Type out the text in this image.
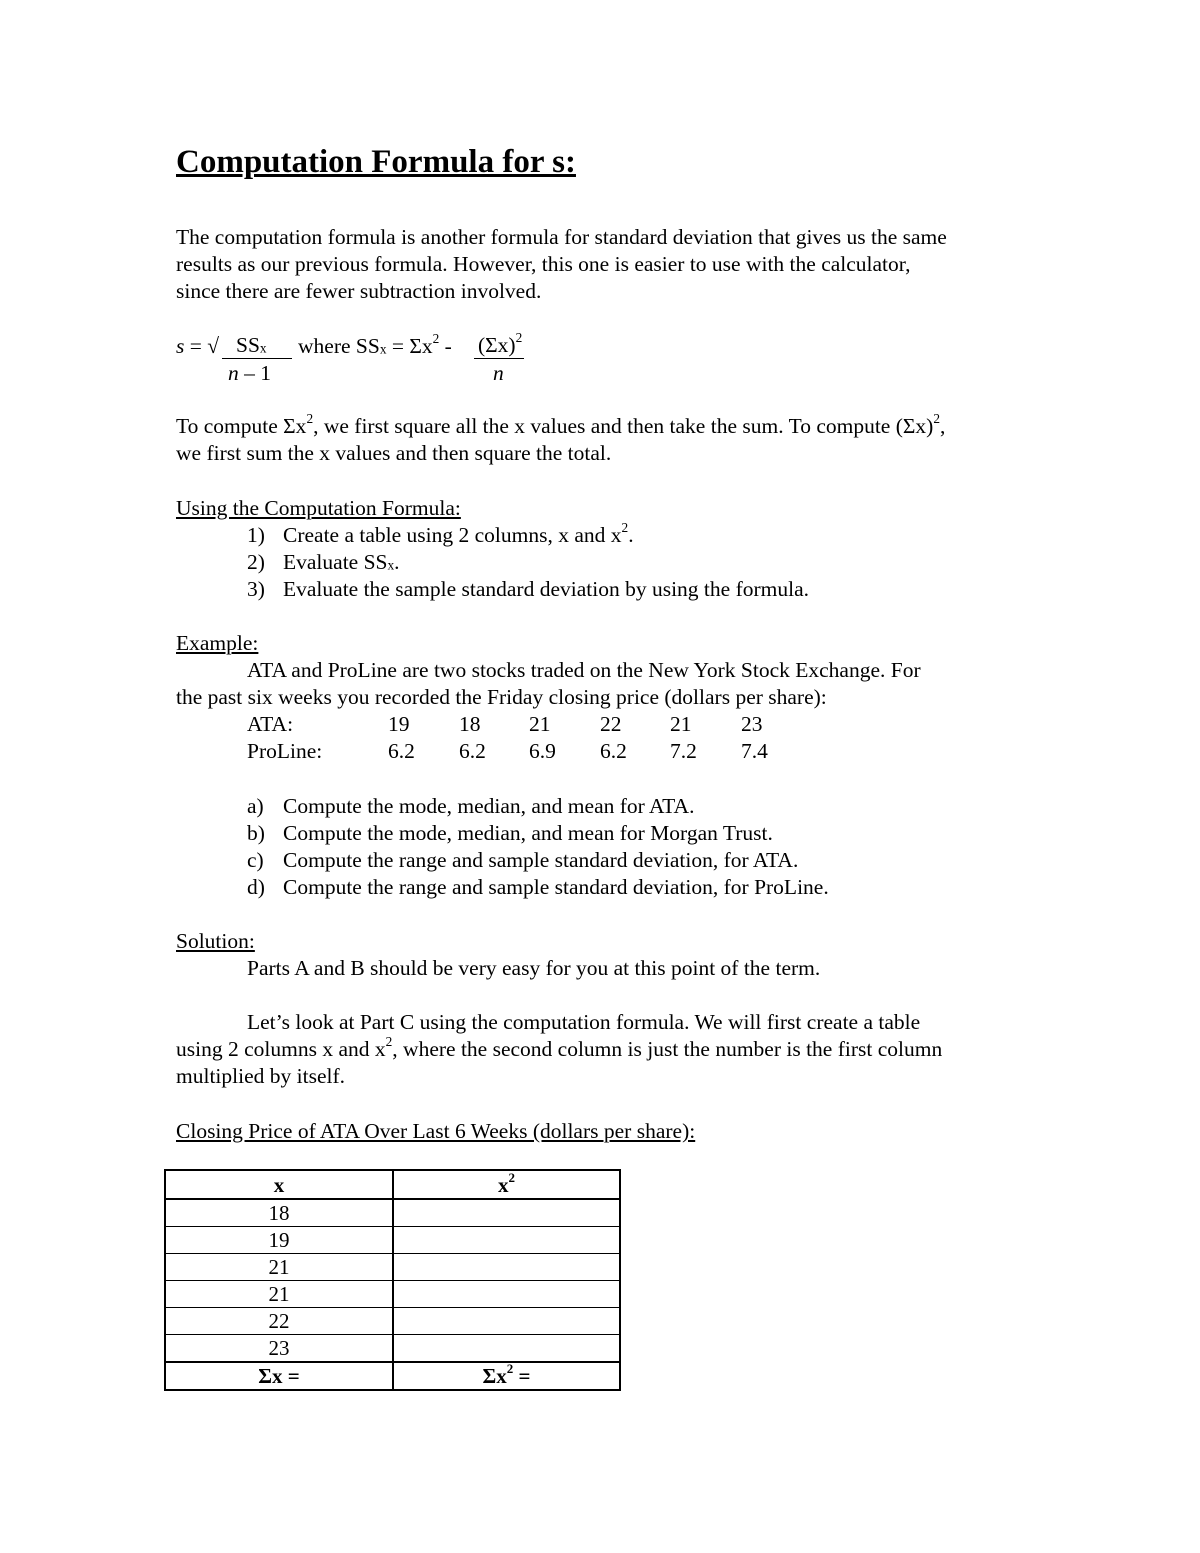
Computation Formula for s:
The computation formula is another formula for standard deviation that gives us the same
results as our previous formula. However, this one is easier to use with the calculator,
since there are fewer subtraction involved.
s = √ $SS_x$	where $SS_x = \Sigma x^2 - (\Sigma x)^2$
n – 1	n
To compute $\Sigma x^2$, we first square all the x values and then take the sum. To compute $(\Sigma x)^2$,
we first sum the x values and then square the total.
Using the Computation Formula:
1) Create a table using 2 columns, x and $x^2$.
2) Evaluate $SS_x$.
3) Evaluate the sample standard deviation by using the formula.
Example:
ATA and ProLine are two stocks traded on the New York Stock Exchange. For
the past six weeks you recorded the Friday closing price (dollars per share):
ATA:	19 18 21 22 21 23
ProLine:	6.2 6.2 6.9 6.2 7.2 7.4
a) Compute the mode, median, and mean for ATA.
b) Compute the mode, median, and mean for Morgan Trust.
c) Compute the range and sample standard deviation, for ATA.
d) Compute the range and sample standard deviation, for ProLine.
Solution:
Parts A and B should be very easy for you at this point of the term.
Let’s look at Part C using the computation formula. We will first create a table
using 2 columns x and $x^2$, where the second column is just the number is the first column
multiplied by itself.
Closing Price of ATA Over Last 6 Weeks (dollars per share):
x	$x^2$
18	
19	
21	
21	
22	
23	
Σx =	$\Sigma x^2$ =
